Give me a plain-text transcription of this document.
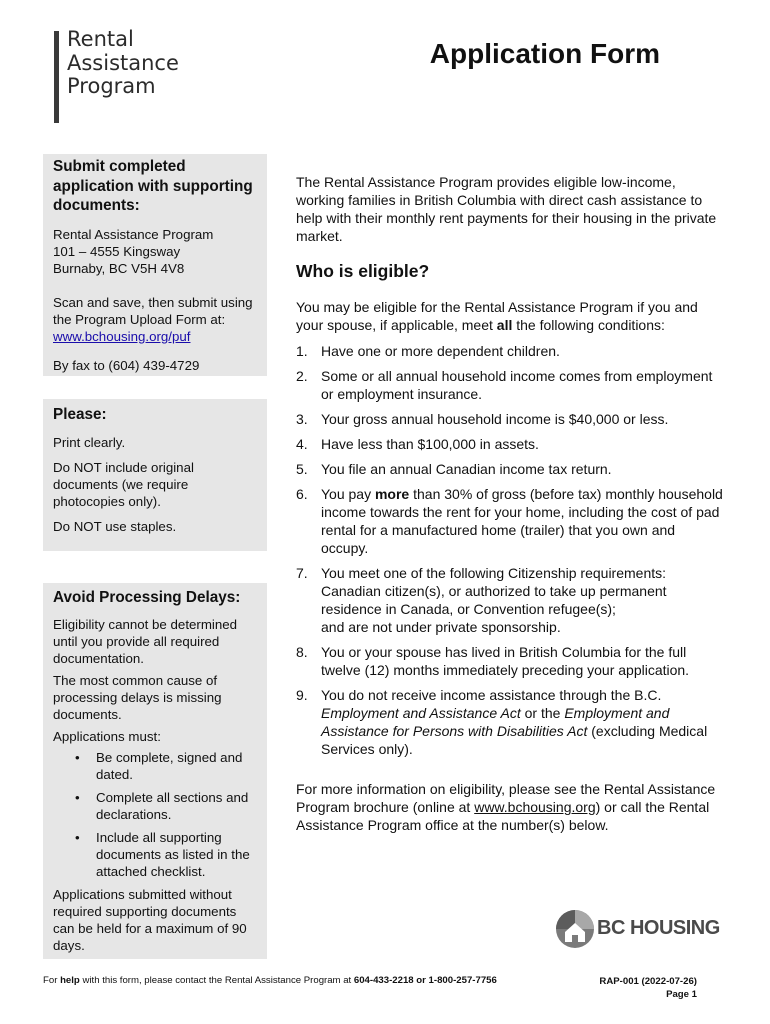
Rental
Assistance
Program
Application Form

Submit completed application with supporting documents:

Rental Assistance Program
101 – 4555 Kingsway
Burnaby, BC V5H 4V8

Scan and save, then submit using the Program Upload Form at: www.bchousing.org/puf

By fax to (604) 439-4729

Please:

Print clearly.

Do NOT include original documents (we require photocopies only).

Do NOT use staples.

Avoid Processing Delays:

Eligibility cannot be determined until you provide all required documentation.

The most common cause of processing delays is missing documents.

Applications must:

• Be complete, signed and dated.
• Complete all sections and declarations.
• Include all supporting documents as listed in the attached checklist.

Applications submitted without required supporting documents can be held for a maximum of 90 days.

The Rental Assistance Program provides eligible low-income, working families in British Columbia with direct cash assistance to help with their monthly rent payments for their housing in the private market.

Who is eligible?

You may be eligible for the Rental Assistance Program if you and your spouse, if applicable, meet all the following conditions:

1. Have one or more dependent children.
2. Some or all annual household income comes from employment or employment insurance.
3. Your gross annual household income is $40,000 or less.
4. Have less than $100,000 in assets.
5. You file an annual Canadian income tax return.
6. You pay more than 30% of gross (before tax) monthly household income towards the rent for your home, including the cost of pad rental for a manufactured home (trailer) that you own and occupy.
7. You meet one of the following Citizenship requirements: Canadian citizen(s), or authorized to take up permanent residence in Canada, or Convention refugee(s);
and are not under private sponsorship.
8. You or your spouse has lived in British Columbia for the full twelve (12) months immediately preceding your application.
9. You do not receive income assistance through the B.C. Employment and Assistance Act or the Employment and Assistance for Persons with Disabilities Act (excluding Medical Services only).

For more information on eligibility, please see the Rental Assistance Program brochure (online at www.bchousing.org) or call the Rental Assistance Program office at the number(s) below.

BC HOUSING
For help with this form, please contact the Rental Assistance Program at 604-433-2218 or 1-800-257-7756	RAP-001 (2022-07-26)
Page 1
